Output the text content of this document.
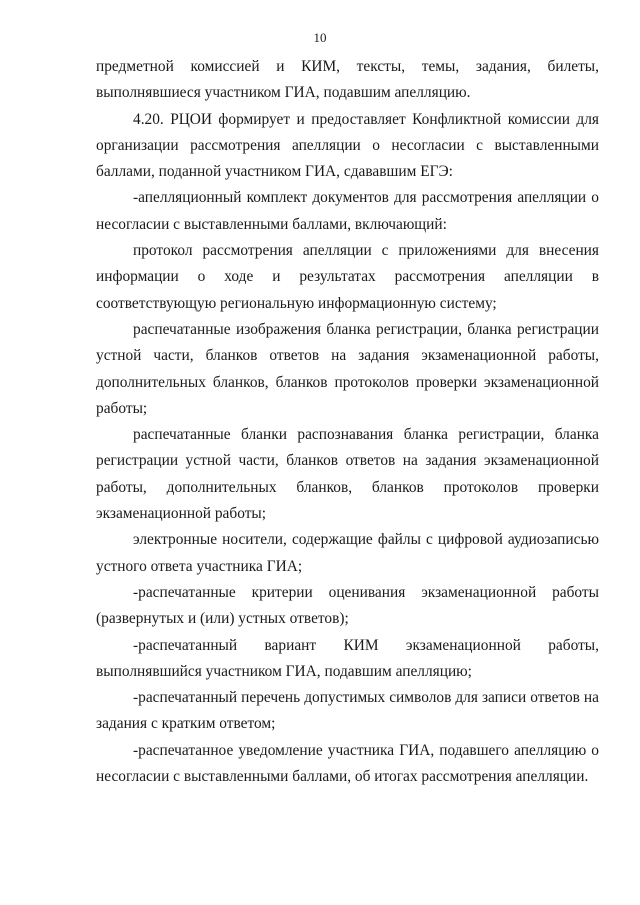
10

предметной комиссией и КИМ, тексты, темы, задания, билеты, выполнявшиеся участником ГИА, подавшим апелляцию.

4.20. РЦОИ формирует и предоставляет Конфликтной комиссии для организации рассмотрения апелляции о несогласии с выставленными баллами, поданной участником ГИА, сдававшим ЕГЭ:

-апелляционный комплект документов для рассмотрения апелляции о несогласии с выставленными баллами, включающий:

протокол рассмотрения апелляции с приложениями для внесения информации о ходе и результатах рассмотрения апелляции в соответствующую региональную информационную систему;

распечатанные изображения бланка регистрации, бланка регистрации устной части, бланков ответов на задания экзаменационной работы, дополнительных бланков, бланков протоколов проверки экзаменационной работы;

распечатанные бланки распознавания бланка регистрации, бланка регистрации устной части, бланков ответов на задания экзаменационной работы, дополнительных бланков, бланков протоколов проверки экзаменационной работы;

электронные носители, содержащие файлы с цифровой аудиозаписью устного ответа участника ГИА;

-распечатанные критерии оценивания экзаменационной работы (развернутых и (или) устных ответов);

-распечатанный вариант КИМ экзаменационной работы, выполнявшийся участником ГИА, подавшим апелляцию;

-распечатанный перечень допустимых символов для записи ответов на задания с кратким ответом;

-распечатанное уведомление участника ГИА, подавшего апелляцию о несогласии с выставленными баллами, об итогах рассмотрения апелляции.
